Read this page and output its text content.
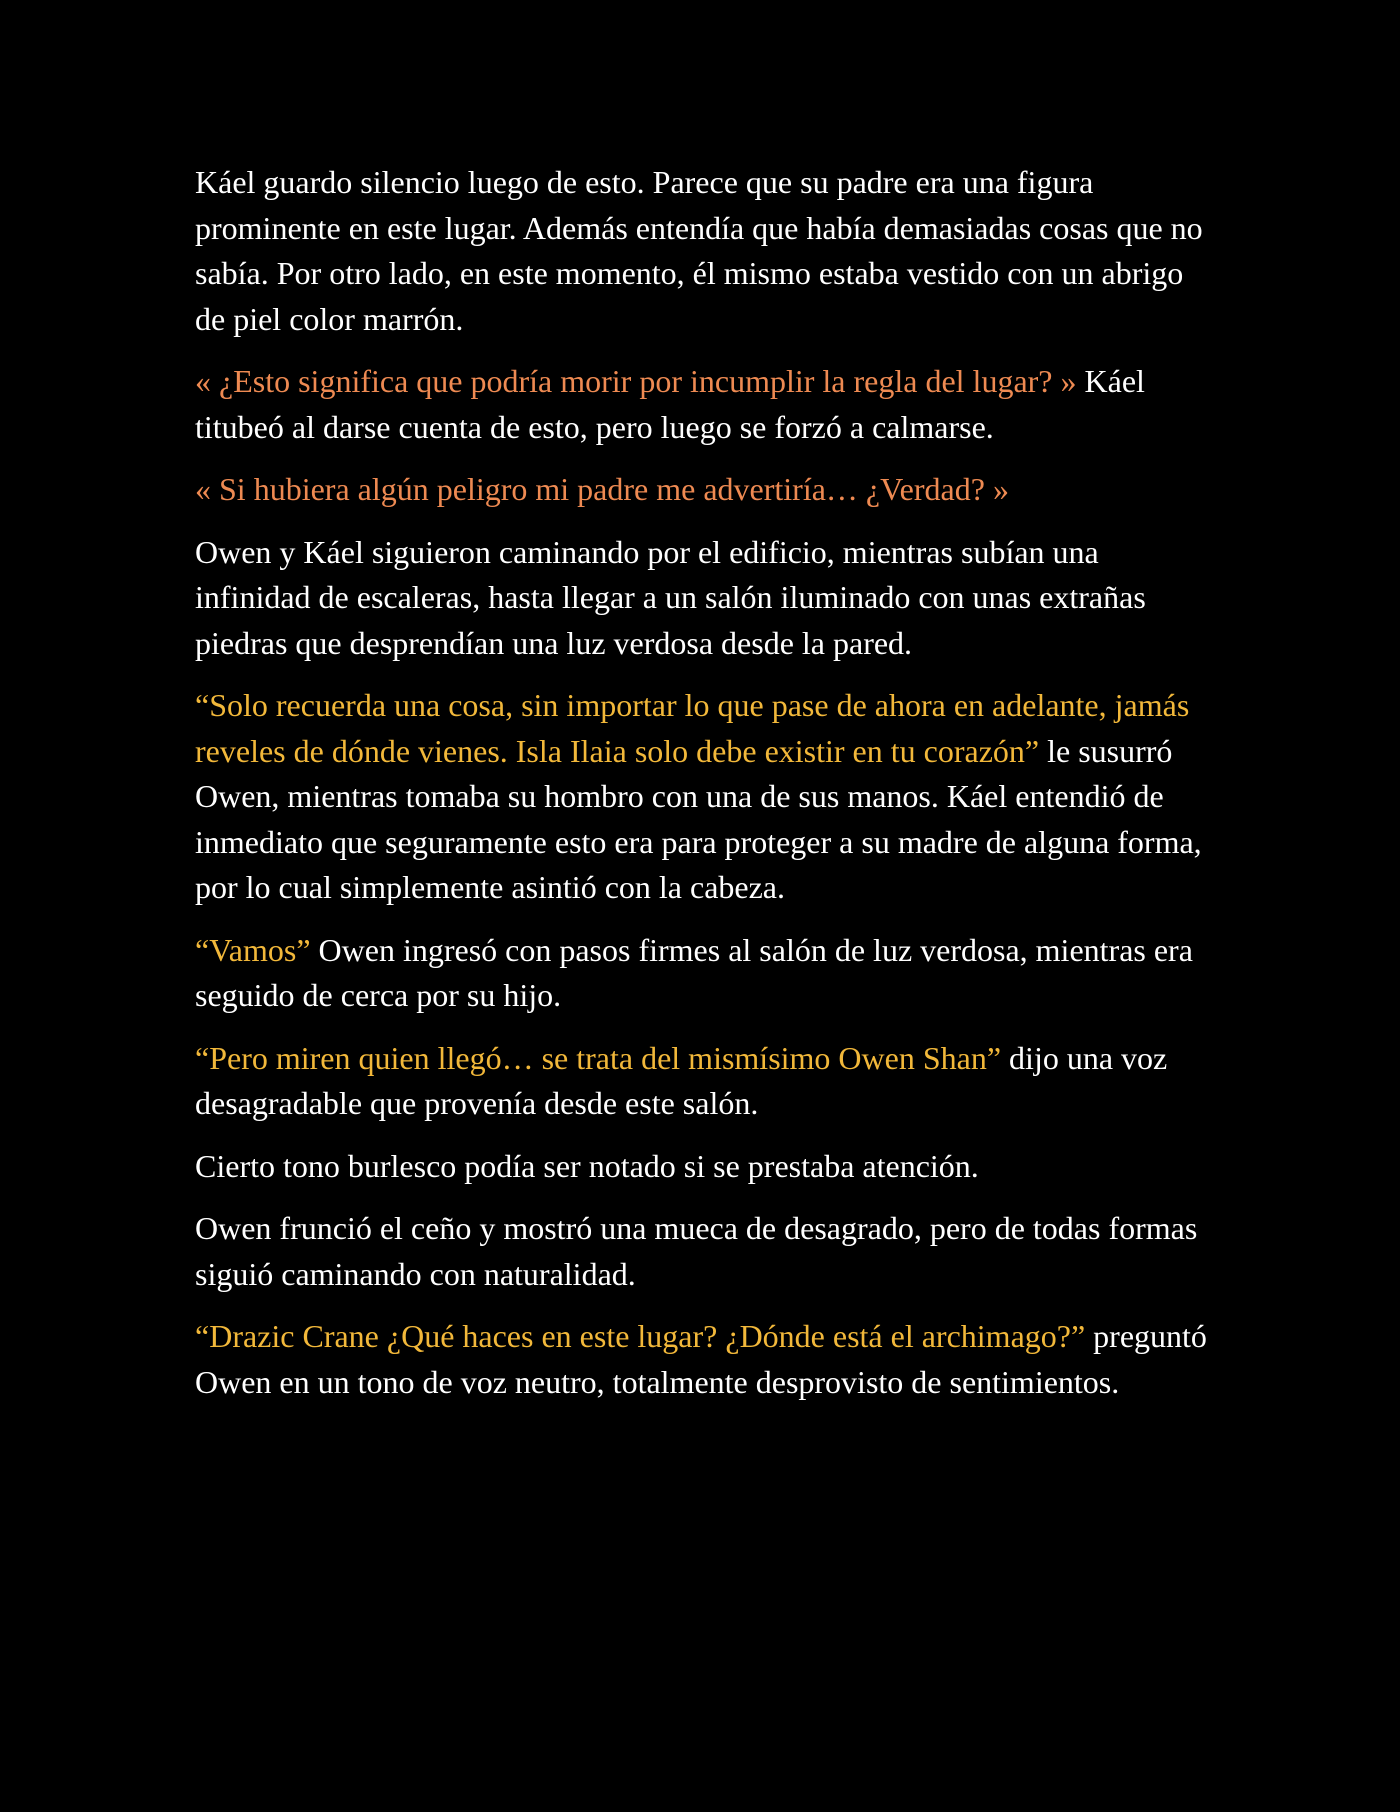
Káel guardo silencio luego de esto. Parece que su padre era una figura prominente en este lugar. Además entendía que había demasiadas cosas que no sabía. Por otro lado, en este momento, él mismo estaba vestido con un abrigo de piel color marrón.

« ¿Esto significa que podría morir por incumplir la regla del lugar? » Káel titubeó al darse cuenta de esto, pero luego se forzó a calmarse.

« Si hubiera algún peligro mi padre me advertiría… ¿Verdad? »

Owen y Káel siguieron caminando por el edificio, mientras subían una infinidad de escaleras, hasta llegar a un salón iluminado con unas extrañas piedras que desprendían una luz verdosa desde la pared.

“Solo recuerda una cosa, sin importar lo que pase de ahora en adelante, jamás reveles de dónde vienes. Isla Ilaia solo debe existir en tu corazón” le susurró Owen, mientras tomaba su hombro con una de sus manos. Káel entendió de inmediato que seguramente esto era para proteger a su madre de alguna forma, por lo cual simplemente asintió con la cabeza.

“Vamos” Owen ingresó con pasos firmes al salón de luz verdosa, mientras era seguido de cerca por su hijo.

“Pero miren quien llegó… se trata del mismísimo Owen Shan” dijo una voz desagradable que provenía desde este salón.

Cierto tono burlesco podía ser notado si se prestaba atención.

Owen frunció el ceño y mostró una mueca de desagrado, pero de todas formas siguió caminando con naturalidad.

“Drazic Crane ¿Qué haces en este lugar? ¿Dónde está el archimago?” preguntó Owen en un tono de voz neutro, totalmente desprovisto de sentimientos.
